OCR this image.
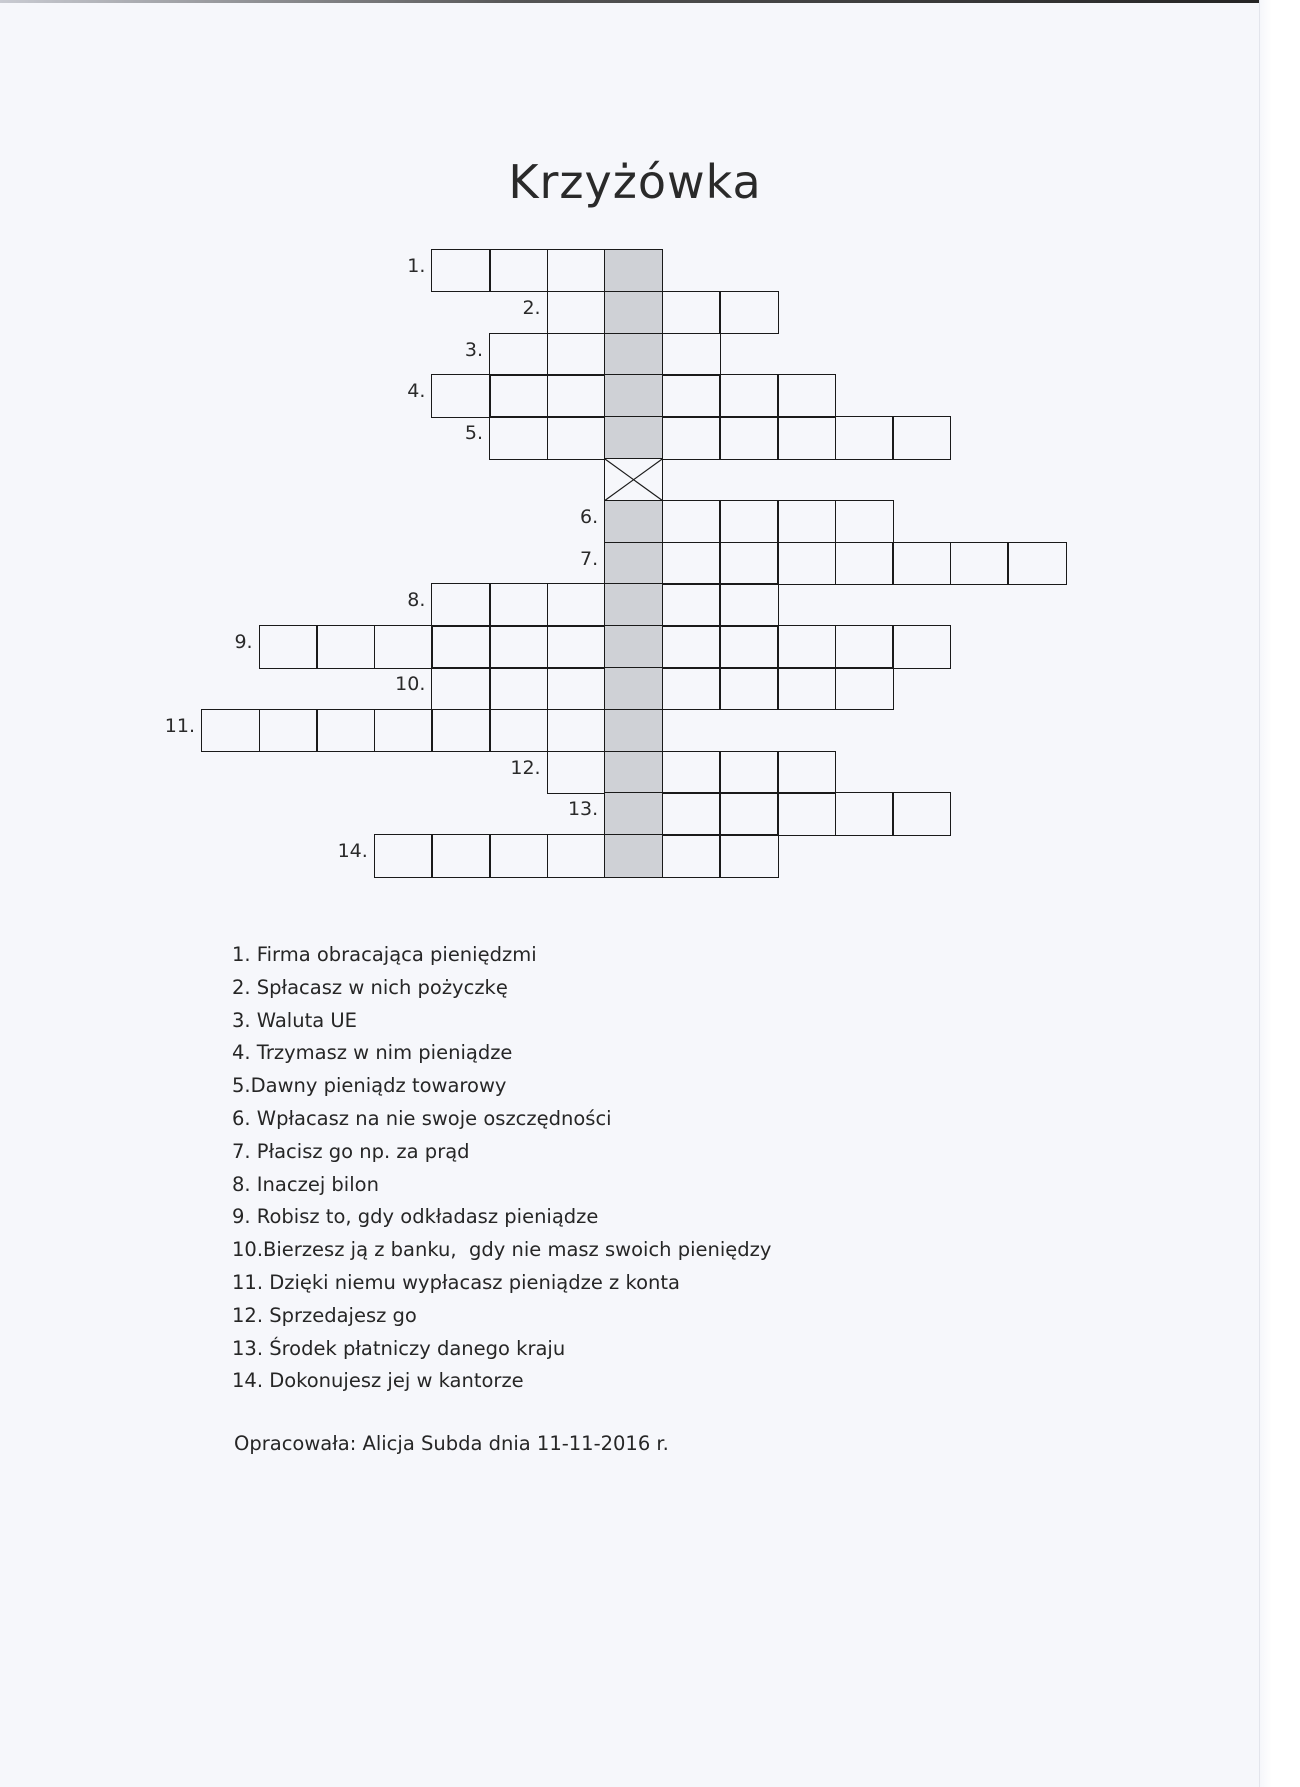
Krzyżówka
1.
2.
3.
4.
5.
6.
7.
8.
9.
10.
11.
12.
13.
14.
1. Firma obracająca pieniędzmi
2. Spłacasz w nich pożyczkę
3. Waluta UE
4. Trzymasz w nim pieniądze
5.Dawny pieniądz towarowy
6. Wpłacasz na nie swoje oszczędności
7. Płacisz go np. za prąd
8. Inaczej bilon
9. Robisz to, gdy odkładasz pieniądze
10.Bierzesz ją z banku,  gdy nie masz swoich pieniędzy
11. Dzięki niemu wypłacasz pieniądze z konta
12. Sprzedajesz go
13. Środek płatniczy danego kraju
14. Dokonujesz jej w kantorze
Opracowała: Alicja Subda dnia 11-11-2016 r.
